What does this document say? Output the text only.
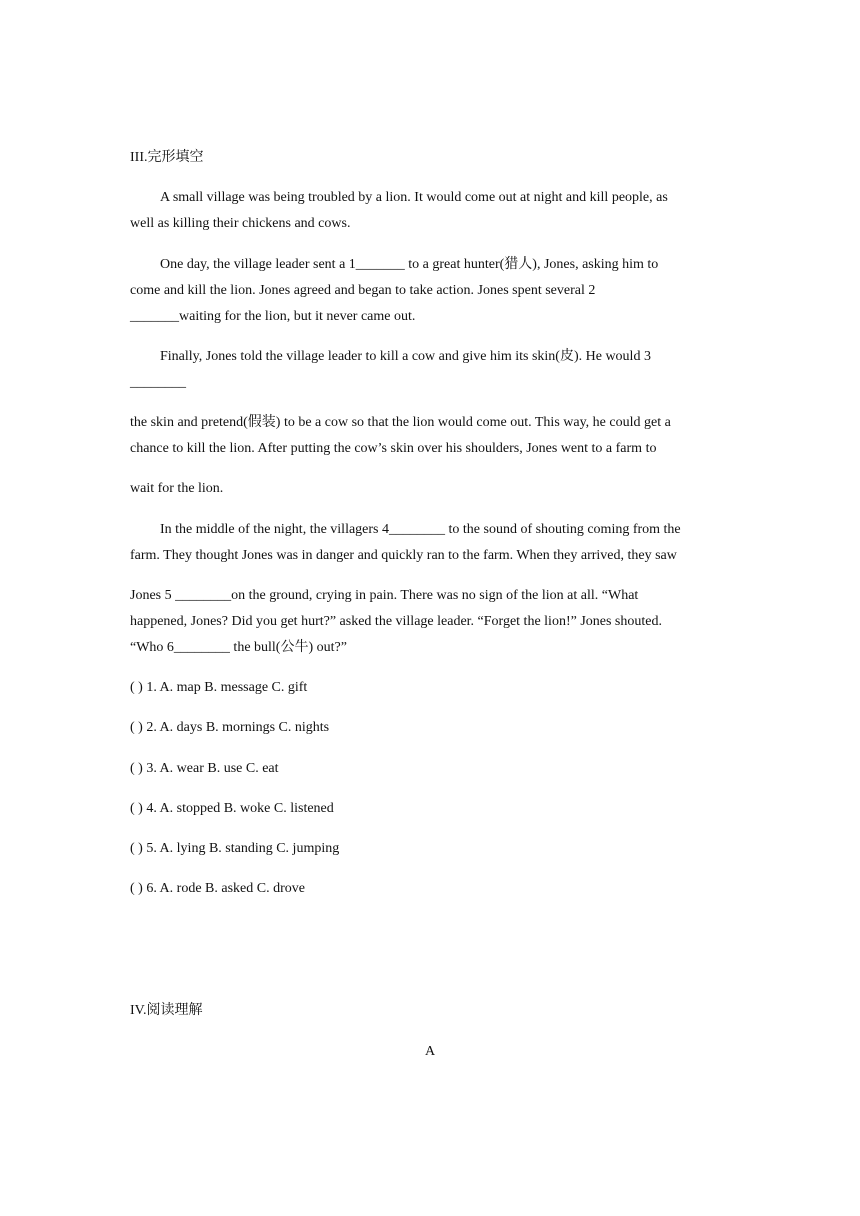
III.完形填空
A small village was being troubled by a lion. It would come out at night and kill people, as
well as killing their chickens and cows.
One day, the village leader sent a 1_______ to a great hunter(猎人), Jones, asking him to
come and kill the lion. Jones agreed and began to take action. Jones spent several 2
_______waiting for the lion, but it never came out.
Finally, Jones told the village leader to kill a cow and give him its skin(皮). He would 3
________
the skin and pretend(假装) to be a cow so that the lion would come out. This way, he could get a
chance to kill the lion. After putting the cow’s skin over his shoulders, Jones went to a farm to
wait for the lion.
In the middle of the night, the villagers 4________ to the sound of shouting coming from the
farm. They thought Jones was in danger and quickly ran to the farm. When they arrived, they saw
Jones 5 ________on the ground, crying in pain. There was no sign of the lion at all. “What
happened, Jones? Did you get hurt?” asked the village leader. “Forget the lion!” Jones shouted.
“Who 6________ the bull(公牛) out?”
( ) 1. A. map B. message C. gift
( ) 2. A. days B. mornings C. nights
( ) 3. A. wear B. use C. eat
( ) 4. A. stopped B. woke C. listened
( ) 5. A. lying B. standing C. jumping
( ) 6. A. rode B. asked C. drove
IV.阅读理解
A
